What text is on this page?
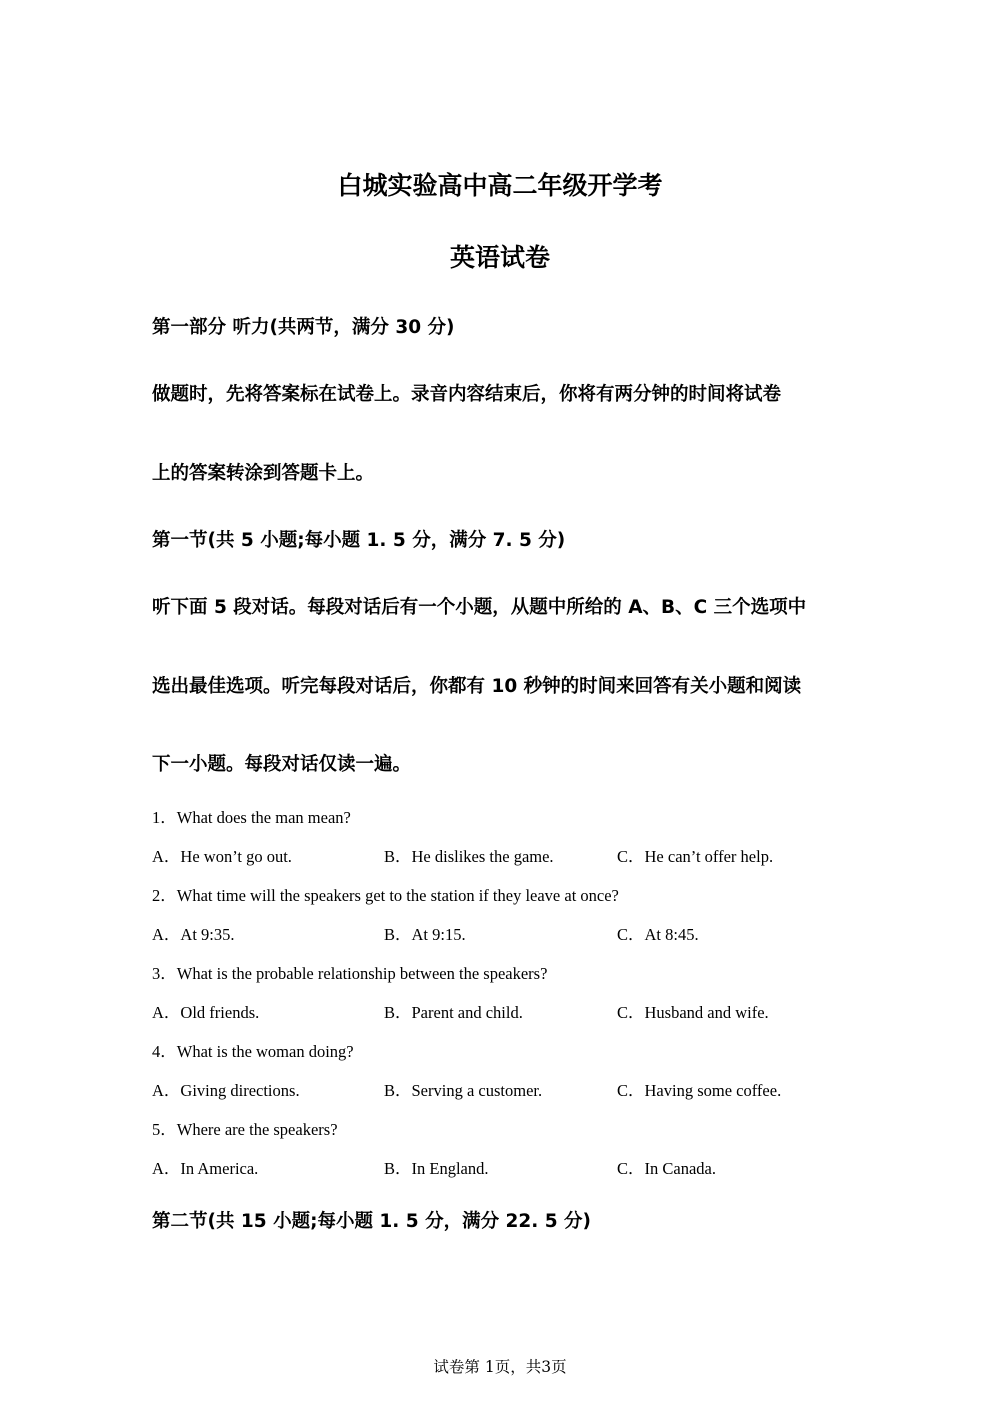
白城实验高中高二年级开学考
英语试卷
第一部分 听力(共两节，满分 30 分)
做题时，先将答案标在试卷上。录音内容结束后，你将有两分钟的时间将试卷
上的答案转涂到答题卡上。
第一节(共 5 小题;每小题 1. 5 分，满分 7. 5 分)
听下面 5 段对话。每段对话后有一个小题，从题中所给的 A、B、C 三个选项中
选出最佳选项。听完每段对话后，你都有 10 秒钟的时间来回答有关小题和阅读
下一小题。每段对话仅读一遍。
1．What does the man mean?
A．He won’t go out.	B．He dislikes the game.	C．He can’t offer help.
2．What time will the speakers get to the station if they leave at once?
A．At 9:35.	B．At 9:15.	C．At 8:45.
3．What is the probable relationship between the speakers?
A．Old friends.	B．Parent and child.	C．Husband and wife.
4．What is the woman doing?
A．Giving directions.	B．Serving a customer.	C．Having some coffee.
5．Where are the speakers?
A．In America.	B．In England.	C．In Canada.
第二节(共 15 小题;每小题 1. 5 分，满分 22. 5 分)
试卷第 1页，共3页
